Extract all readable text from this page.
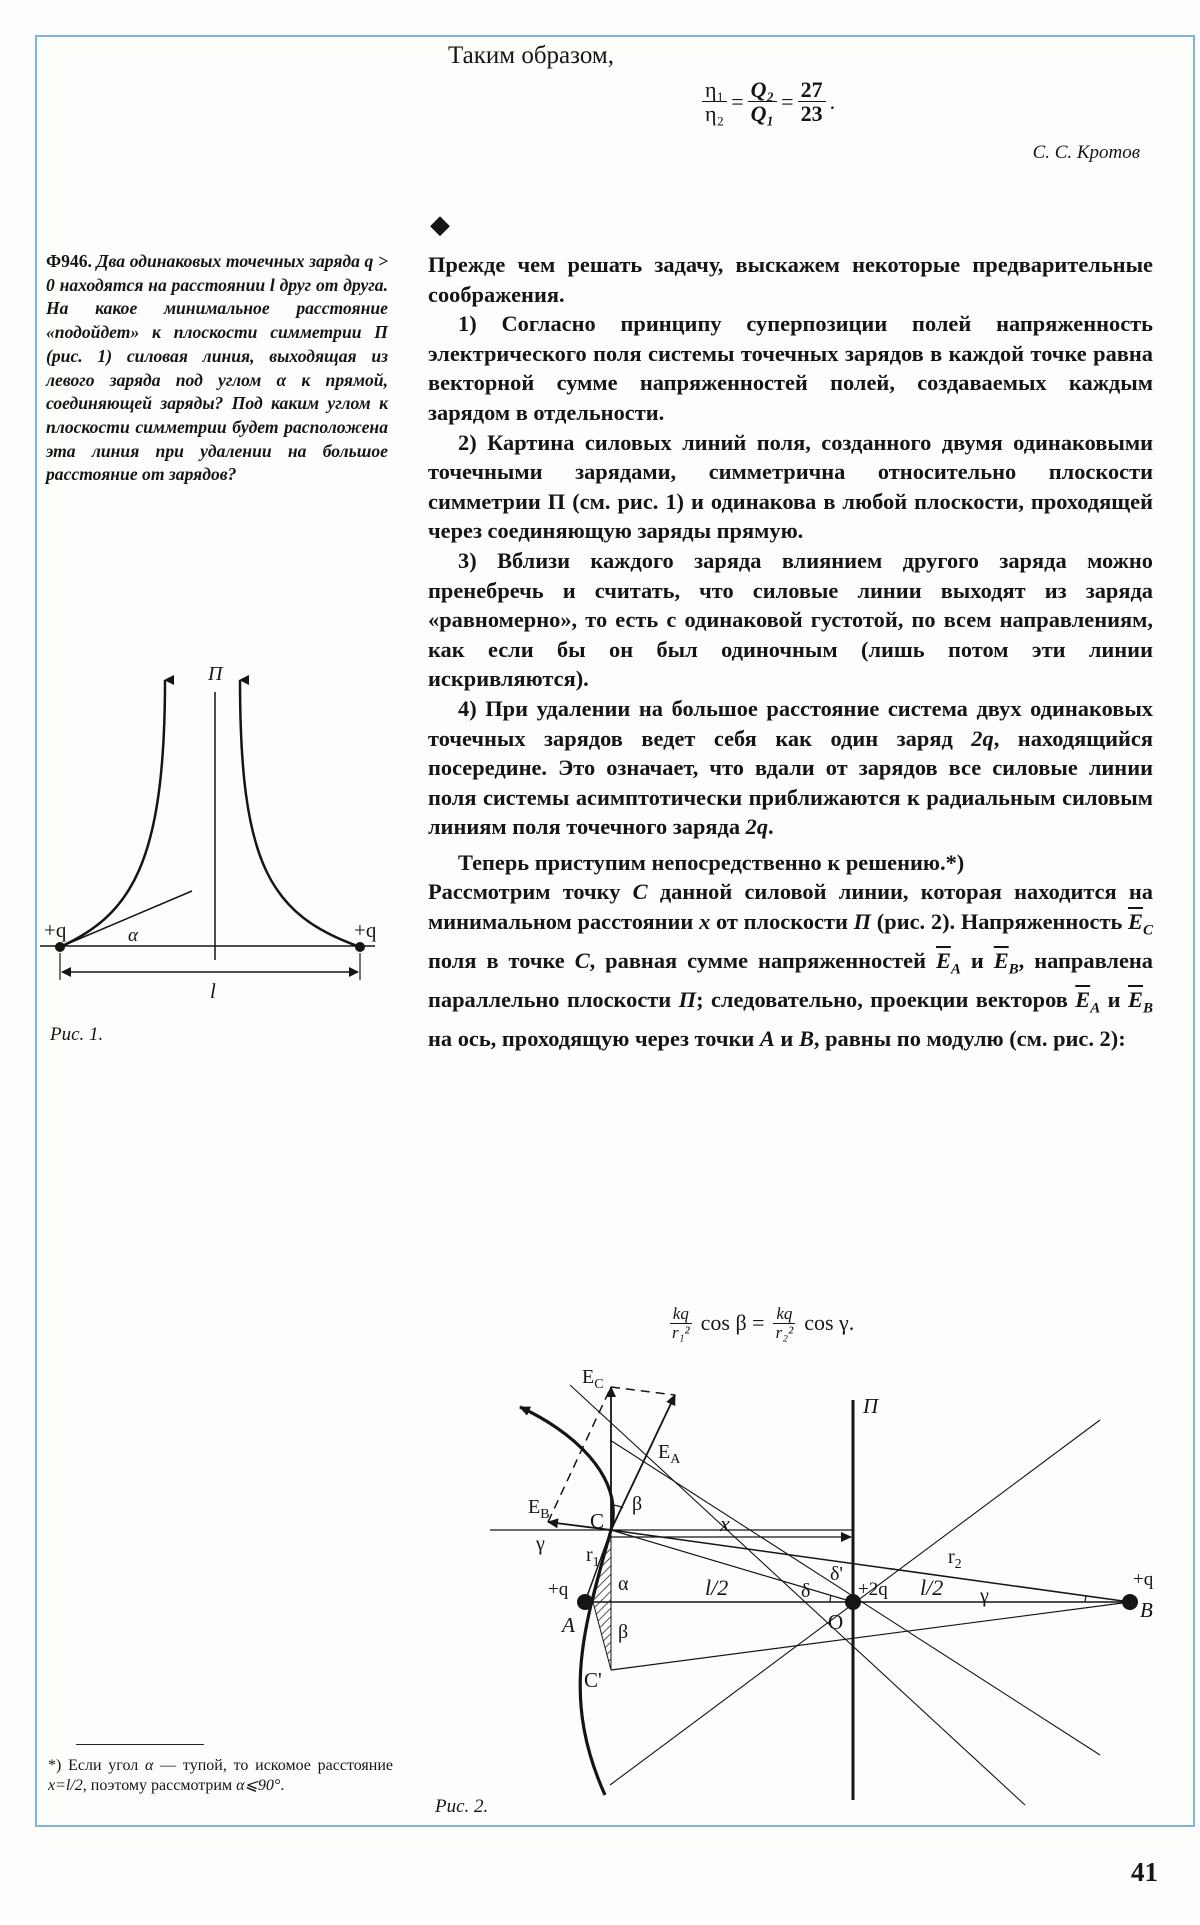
Таким образом,
$\frac{\text{η₁}}{\text{η₂}} = \frac{\text{Q₂}}{\text{Q₁}} = \frac{27}{23}$ .
С. С. Кротов
◆
Ф946. Два одинаковых точечных заряда q > 0 находятся на расстоянии l друг от друга. На какое минимальное расстояние «подойдет» к плоскости симметрии П (рис. 1) силовая линия, выходящая из левого заряда под углом α к прямой, соединяющей заряды? Под каким углом к плоскости симметрии будет расположена эта линия при удалении на большое расстояние от зарядов?
П
+q	+q
α
l
Рис. 1.
*) Если угол α — тупой, то искомое расстояние x=l/2, поэтому рассмотрим α⩽90°.

Прежде чем решать задачу, выскажем некоторые предварительные соображения.

1) Согласно принципу суперпозиции полей напряженность электрического поля системы точечных зарядов в каждой точке равна векторной сумме напряженностей полей, создаваемых каждым зарядом в отдельности.

2) Картина силовых линий поля, созданного двумя одинаковыми точечными зарядами, симметрична относительно плоскости симметрии П (см. рис. 1) и одинакова в любой плоскости, проходящей через соединяющую заряды прямую.

3) Вблизи каждого заряда влиянием другого заряда можно пренебречь и считать, что силовые линии выходят из заряда «равномерно», то есть с одинаковой густотой, по всем направлениям, как если бы он был одиночным (лишь потом эти линии искривляются).

4) При удалении на большое расстояние система двух одинаковых точечных зарядов ведет себя как один заряд 2q, находящийся посередине. Это означает, что вдали от зарядов все силовые линии поля системы асимптотически приближаются к радиальным силовым линиям поля точечного заряда 2q.

Теперь приступим непосредственно к решению.*)

Рассмотрим точку C данной силовой линии, которая находится на минимальном расстоянии x от плоскости П (рис. 2). Напряженность $\overline{E}_C$ поля в точке C, равная сумме напряженностей $\overline{E}_A$ и $\overline{E}_B$, направлена параллельно плоскости П; следовательно, проекции векторов $\overline{E}_A$ и $\overline{E}_B$ на ось, проходящую через точки A и B, равны по модулю (см. рис. 2):

$\frac{kq}{\text{r₁²}}$ $\cos \beta = \frac{kq}{\text{r₂²}}$ cos γ.
$E_C$
$E_A$
$E_B$ C
C'
β
γ
x
$r_1$	$r_2$
+q
A
α
β
l/2	δ
δ'
+2q
O
l/2 γ
+q
B
П
Рис. 2.
41
